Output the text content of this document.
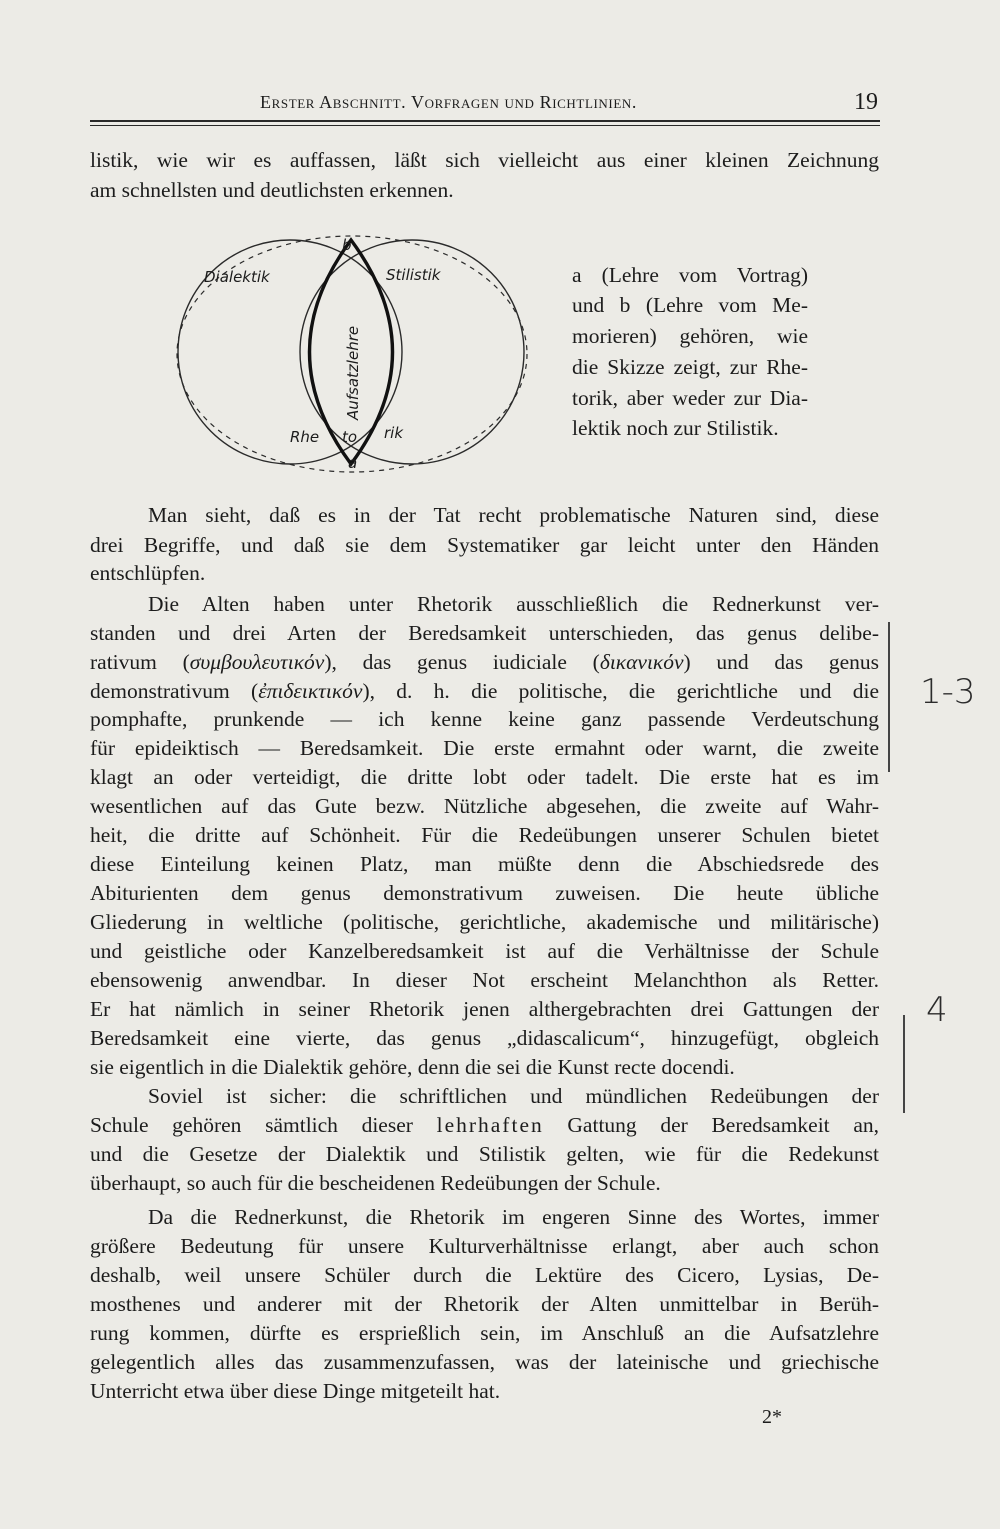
Erster Abschnitt. Vorfragen und Richtlinien.	19
listik, wie wir es auffassen, läßt sich vielleicht aus einer kleinen Zeichnung
am schnellsten und deutlichsten erkennen.
b
Dialektik	Stilistik
Aufsatzlehre
Rhe to rik
a
a (Lehre vom Vortrag)
und b (Lehre vom Me-
morieren) gehören, wie
die Skizze zeigt, zur Rhe-
torik, aber weder zur Dia-
lektik noch zur Stilistik.
Man sieht, daß es in der Tat recht problematische Naturen sind, diese
drei Begriffe, und daß sie dem Systematiker gar leicht unter den Händen
entschlüpfen.
Die Alten haben unter Rhetorik ausschließlich die Rednerkunst ver-
standen und drei Arten der Beredsamkeit unterschieden, das genus delibe-
rativum (συμβουλευτικόν), das genus iudiciale (δικανικόν) und das genus
demonstrativum (ἐπιδεικτικόν), d. h. die politische, die gerichtliche und die
pomphafte, prunkende — ich kenne keine ganz passende Verdeutschung
für epideiktisch — Beredsamkeit. Die erste ermahnt oder warnt, die zweite
klagt an oder verteidigt, die dritte lobt oder tadelt. Die erste hat es im
wesentlichen auf das Gute bezw. Nützliche abgesehen, die zweite auf Wahr-
heit, die dritte auf Schönheit. Für die Redeübungen unserer Schulen bietet
diese Einteilung keinen Platz, man müßte denn die Abschiedsrede des
Abiturienten dem genus demonstrativum zuweisen. Die heute übliche
Gliederung in weltliche (politische, gerichtliche, akademische und militärische)
und geistliche oder Kanzelberedsamkeit ist auf die Verhältnisse der Schule
ebensowenig anwendbar. In dieser Not erscheint Melanchthon als Retter.
Er hat nämlich in seiner Rhetorik jenen althergebrachten drei Gattungen der
Beredsamkeit eine vierte, das genus „didascalicum“, hinzugefügt, obgleich
sie eigentlich in die Dialektik gehöre, denn die sei die Kunst recte docendi.
Soviel ist sicher: die schriftlichen und mündlichen Redeübungen der
Schule gehören sämtlich dieser lehrhaften Gattung der Beredsamkeit an,
und die Gesetze der Dialektik und Stilistik gelten, wie für die Redekunst
überhaupt, so auch für die bescheidenen Redeübungen der Schule.
Da die Rednerkunst, die Rhetorik im engeren Sinne des Wortes, immer
größere Bedeutung für unsere Kulturverhältnisse erlangt, aber auch schon
deshalb, weil unsere Schüler durch die Lektüre des Cicero, Lysias, De-
mosthenes und anderer mit der Rhetorik der Alten unmittelbar in Berüh-
rung kommen, dürfte es ersprießlich sein, im Anschluß an die Aufsatzlehre
gelegentlich alles das zusammenzufassen, was der lateinische und griechische
Unterricht etwa über diese Dinge mitgeteilt hat.
2*
1-3
4
